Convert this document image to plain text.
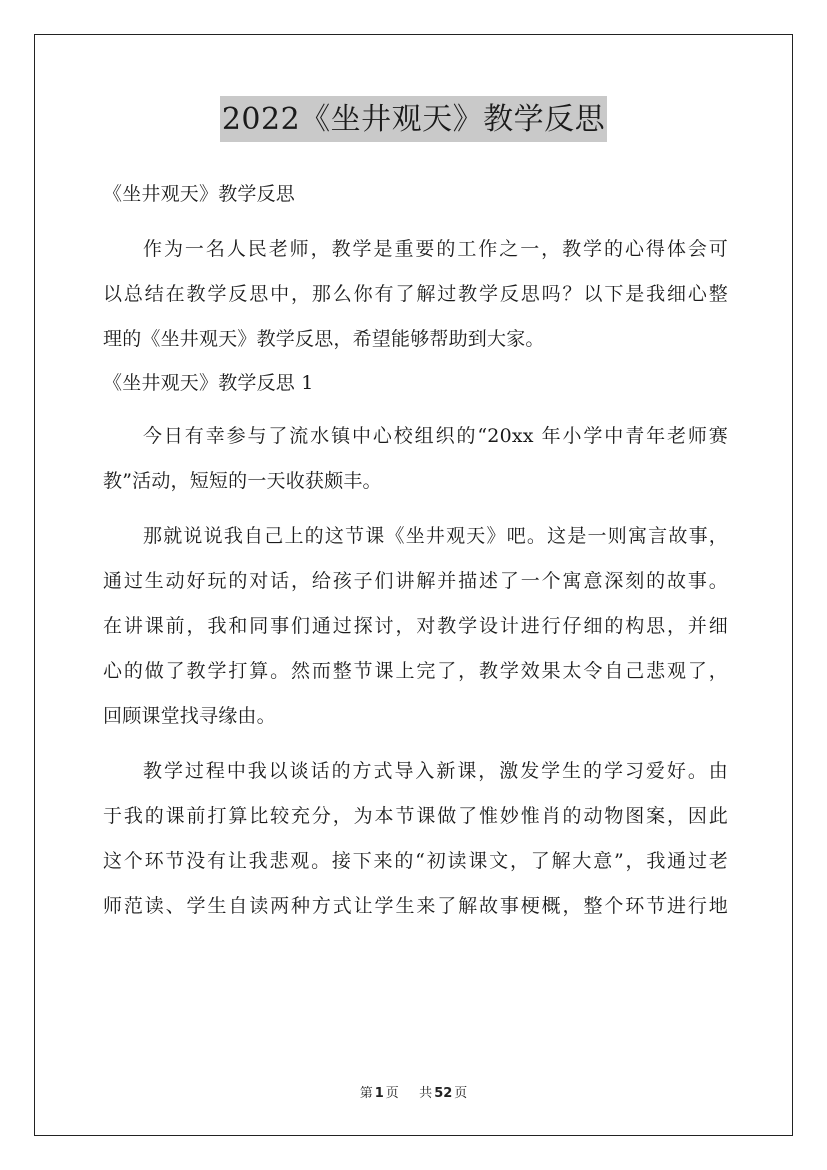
2022《坐井观天》教学反思
《坐井观天》教学反思
作为一名人民老师，教学是重要的工作之一，教学的心得体会可
以总结在教学反思中，那么你有了解过教学反思吗？以下是我细心整
理的《坐井观天》教学反思，希望能够帮助到大家。
《坐井观天》教学反思 1
今日有幸参与了流水镇中心校组织的“20xx 年小学中青年老师赛
教”活动，短短的一天收获颇丰。
那就说说我自己上的这节课《坐井观天》吧。这是一则寓言故事，
通过生动好玩的对话，给孩子们讲解并描述了一个寓意深刻的故事。
在讲课前，我和同事们通过探讨，对教学设计进行仔细的构思，并细
心的做了教学打算。然而整节课上完了，教学效果太令自己悲观了，
回顾课堂找寻缘由。
教学过程中我以谈话的方式导入新课，激发学生的学习爱好。由
于我的课前打算比较充分，为本节课做了惟妙惟肖的动物图案，因此
这个环节没有让我悲观。接下来的“初读课文，了解大意”，我通过老
师范读、学生自读两种方式让学生来了解故事梗概，整个环节进行地
第 1 页 共 52 页
